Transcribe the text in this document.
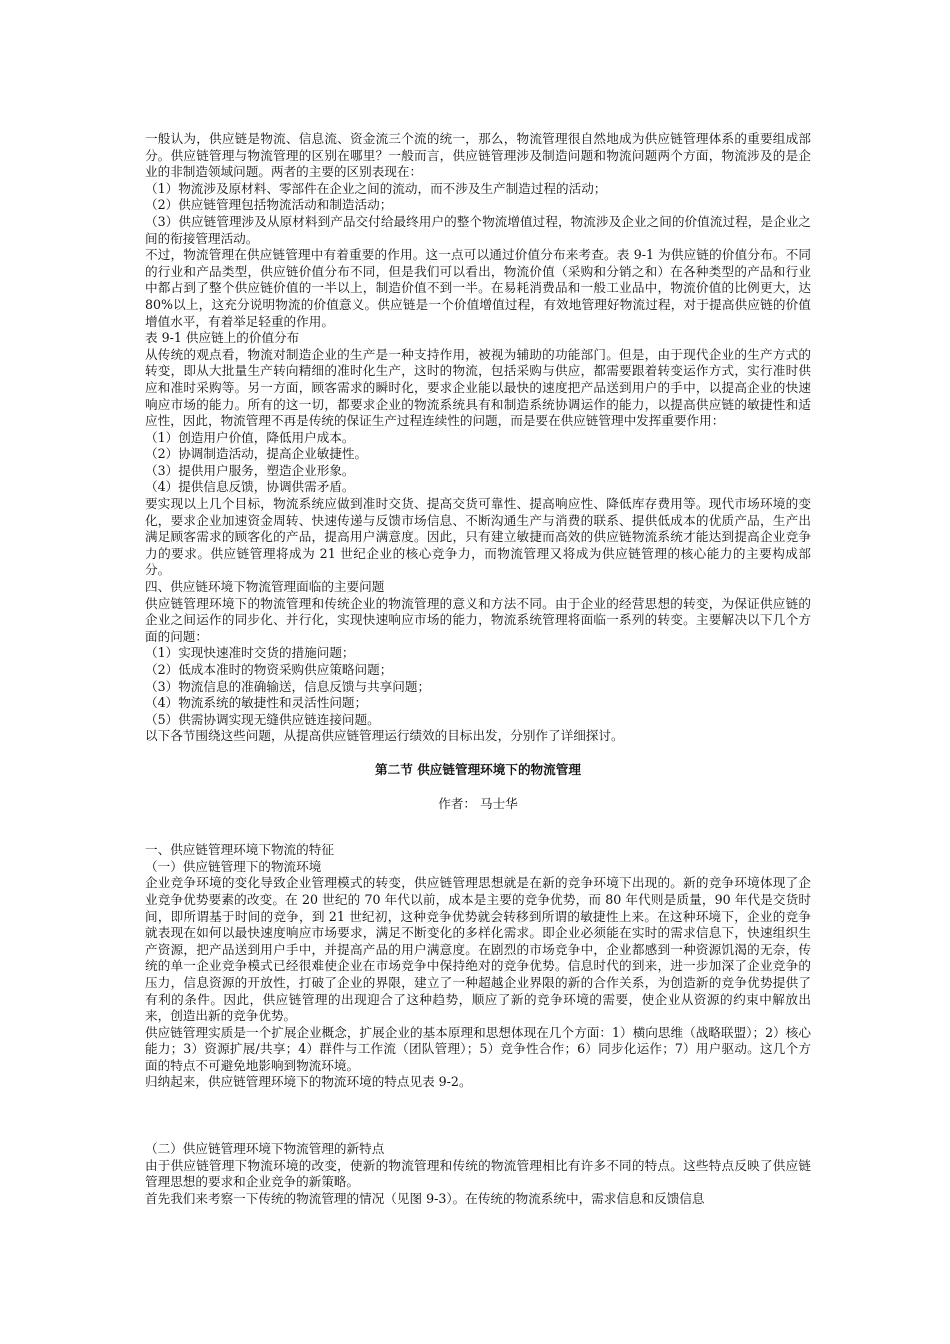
一般认为，供应链是物流、信息流、资金流三个流的统一，那么，物流管理很自然地成为供应链管理体系的重要组成部分。供应链管理与物流管理的区别在哪里？一般而言，供应链管理涉及制造问题和物流问题两个方面，物流涉及的是企业的非制造领域问题。两者的主要的区别表现在：

（1）物流涉及原材料、零部件在企业之间的流动，而不涉及生产制造过程的活动；

（2）供应链管理包括物流活动和制造活动；

（3）供应链管理涉及从原材料到产品交付给最终用户的整个物流增值过程，物流涉及企业之间的价值流过程，是企业之间的衔接管理活动。

不过，物流管理在供应链管理中有着重要的作用。这一点可以通过价值分布来考查。表 9-1 为供应链的价值分布。不同的行业和产品类型，供应链价值分布不同，但是我们可以看出，物流价值（采购和分销之和）在各种类型的产品和行业中都占到了整个供应链价值的一半以上，制造价值不到一半。在易耗消费品和一般工业品中，物流价值的比例更大，达 80%以上，这充分说明物流的价值意义。供应链是一个价值增值过程，有效地管理好物流过程，对于提高供应链的价值增值水平，有着举足轻重的作用。

表 9-1 供应链上的价值分布

从传统的观点看，物流对制造企业的生产是一种支持作用，被视为辅助的功能部门。但是，由于现代企业的生产方式的转变，即从大批量生产转向精细的准时化生产，这时的物流，包括采购与供应，都需要跟着转变运作方式，实行准时供应和准时采购等。另一方面，顾客需求的瞬时化，要求企业能以最快的速度把产品送到用户的手中，以提高企业的快速响应市场的能力。所有的这一切，都要求企业的物流系统具有和制造系统协调运作的能力，以提高供应链的敏捷性和适应性，因此，物流管理不再是传统的保证生产过程连续性的问题，而是要在供应链管理中发挥重要作用：

（1）创造用户价值，降低用户成本。

（2）协调制造活动，提高企业敏捷性。

（3）提供用户服务，塑造企业形象。

（4）提供信息反馈，协调供需矛盾。

要实现以上几个目标，物流系统应做到准时交货、提高交货可靠性、提高响应性、降低库存费用等。现代市场环境的变化，要求企业加速资金周转、快速传递与反馈市场信息、不断沟通生产与消费的联系、提供低成本的优质产品，生产出满足顾客需求的顾客化的产品，提高用户满意度。因此，只有建立敏捷而高效的供应链物流系统才能达到提高企业竞争力的要求。供应链管理将成为 21 世纪企业的核心竞争力，而物流管理又将成为供应链管理的核心能力的主要构成部分。

四、供应链环境下物流管理面临的主要问题

供应链管理环境下的物流管理和传统企业的物流管理的意义和方法不同。由于企业的经营思想的转变，为保证供应链的企业之间运作的同步化、并行化，实现快速响应市场的能力，物流系统管理将面临一系列的转变。主要解决以下几个方面的问题：

（1）实现快速准时交货的措施问题；

（2）低成本准时的物资采购供应策略问题；

（3）物流信息的准确输送，信息反馈与共享问题；

（4）物流系统的敏捷性和灵活性问题；

（5）供需协调实现无缝供应链连接问题。

以下各节围绕这些问题，从提高供应链管理运行绩效的目标出发，分别作了详细探讨。

第二节 供应链管理环境下的物流管理
作者： 马士华

一、供应链管理环境下物流的特征

（一）供应链管理下的物流环境

企业竞争环境的变化导致企业管理模式的转变，供应链管理思想就是在新的竞争环境下出现的。新的竞争环境体现了企业竞争优势要素的改变。在 20 世纪的 70 年代以前，成本是主要的竞争优势，而 80 年代则是质量，90 年代是交货时间，即所谓基于时间的竞争，到 21 世纪初，这种竞争优势就会转移到所谓的敏捷性上来。在这种环境下，企业的竞争就表现在如何以最快速度响应市场要求，满足不断变化的多样化需求。即企业必须能在实时的需求信息下，快速组织生产资源，把产品送到用户手中，并提高产品的用户满意度。在剧烈的市场竞争中，企业都感到一种资源饥渴的无奈，传统的单一企业竞争模式已经很难使企业在市场竞争中保持绝对的竞争优势。信息时代的到来，进一步加深了企业竞争的压力，信息资源的开放性，打破了企业的界限，建立了一种超越企业界限的新的合作关系，为创造新的竞争优势提供了有利的条件。因此，供应链管理的出现迎合了这种趋势，顺应了新的竞争环境的需要，使企业从资源的约束中解放出来，创造出新的竞争优势。

供应链管理实质是一个扩展企业概念，扩展企业的基本原理和思想体现在几个方面：1）横向思维（战略联盟）；2）核心能力；3）资源扩展/共享；4）群件与工作流（团队管理）；5）竞争性合作；6）同步化运作；7）用户驱动。这几个方面的特点不可避免地影响到物流环境。

归纳起来，供应链管理环境下的物流环境的特点见表 9-2。

（二）供应链管理环境下物流管理的新特点

由于供应链管理下物流环境的改变，使新的物流管理和传统的物流管理相比有许多不同的特点。这些特点反映了供应链管理思想的要求和企业竞争的新策略。

首先我们来考察一下传统的物流管理的情况（见图 9-3）。在传统的物流系统中，需求信息和反馈信息
